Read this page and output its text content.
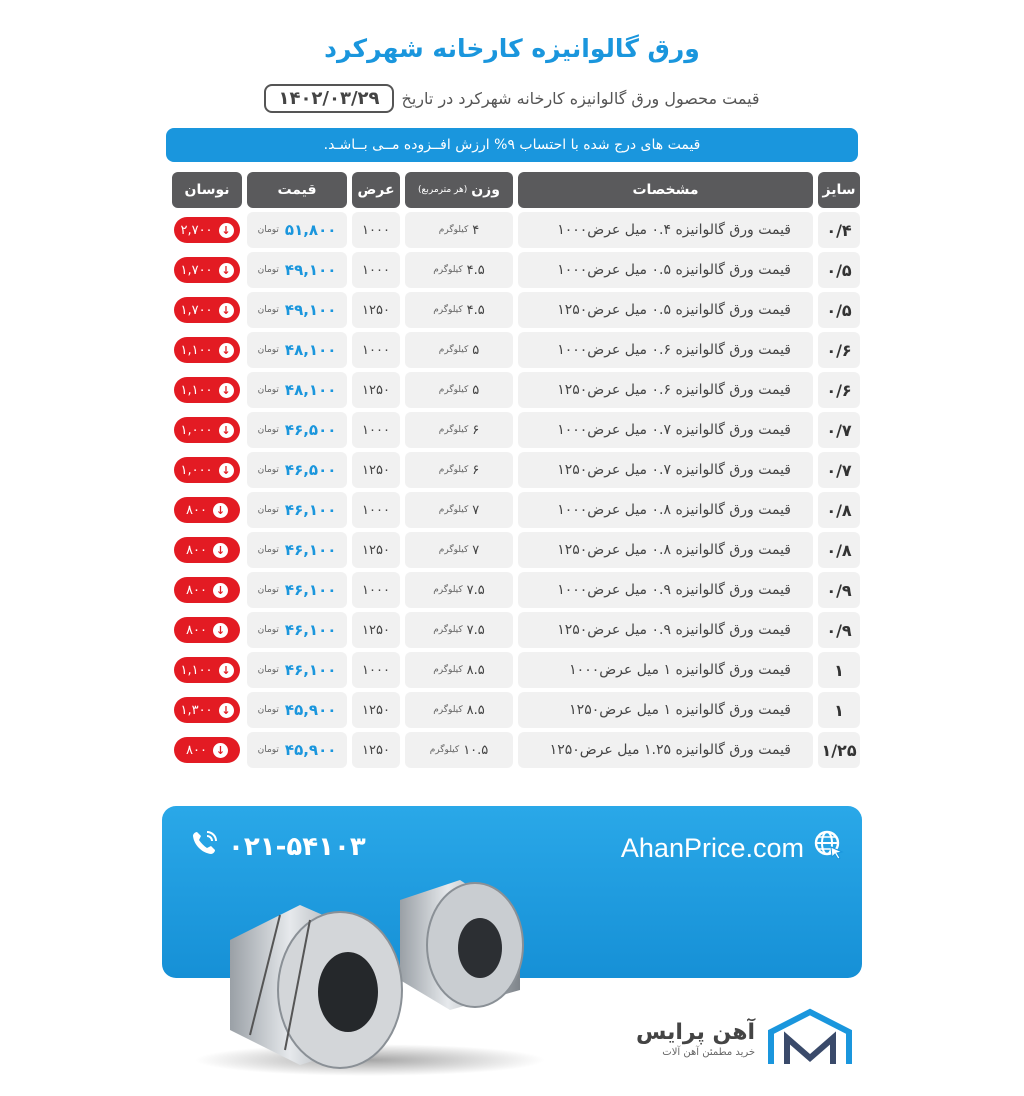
ورق گالوانیزه کارخانه شهرکرد
قیمت محصول ورق گالوانیزه کارخانه شهرکرد در تاریخ
۱۴۰۲/۰۳/۲۹
قیمت های درج شده با احتساب ۹% ارزش افــزوده مــی بــاشـد.
سایز
مشخصات
وزن
(هر مترمربع)
عرض
قیمت
نوسان
۰/۴
قیمت ورق گالوانیزه ۰.۴ میل عرض۱۰۰۰
۴
کیلوگرم
۱۰۰۰
۵۱,۸۰۰
تومان
۲,۷۰۰ ↓
۰/۵
قیمت ورق گالوانیزه ۰.۵ میل عرض۱۰۰۰
۴.۵
کیلوگرم
۱۰۰۰
۴۹,۱۰۰
تومان
۱,۷۰۰ ↓
۰/۵
قیمت ورق گالوانیزه ۰.۵ میل عرض۱۲۵۰
۴.۵
کیلوگرم
۱۲۵۰
۴۹,۱۰۰
تومان
۱,۷۰۰ ↓
۰/۶
قیمت ورق گالوانیزه ۰.۶ میل عرض۱۰۰۰
۵
کیلوگرم
۱۰۰۰
۴۸,۱۰۰
تومان
۱,۱۰۰ ↓
۰/۶
قیمت ورق گالوانیزه ۰.۶ میل عرض۱۲۵۰
۵
کیلوگرم
۱۲۵۰
۴۸,۱۰۰
تومان
۱,۱۰۰ ↓
۰/۷
قیمت ورق گالوانیزه ۰.۷ میل عرض۱۰۰۰
۶
کیلوگرم
۱۰۰۰
۴۶,۵۰۰
تومان
۱,۰۰۰ ↓
۰/۷
قیمت ورق گالوانیزه ۰.۷ میل عرض۱۲۵۰
۶
کیلوگرم
۱۲۵۰
۴۶,۵۰۰
تومان
۱,۰۰۰ ↓
۰/۸
قیمت ورق گالوانیزه ۰.۸ میل عرض۱۰۰۰
۷
کیلوگرم
۱۰۰۰
۴۶,۱۰۰
تومان
۸۰۰ ↓
۰/۸
قیمت ورق گالوانیزه ۰.۸ میل عرض۱۲۵۰
۷
کیلوگرم
۱۲۵۰
۴۶,۱۰۰
تومان
۸۰۰ ↓
۰/۹
قیمت ورق گالوانیزه ۰.۹ میل عرض۱۰۰۰
۷.۵
کیلوگرم
۱۰۰۰
۴۶,۱۰۰
تومان
۸۰۰ ↓
۰/۹
قیمت ورق گالوانیزه ۰.۹ میل عرض۱۲۵۰
۷.۵
کیلوگرم
۱۲۵۰
۴۶,۱۰۰
تومان
۸۰۰ ↓
۱
قیمت ورق گالوانیزه ۱ میل عرض۱۰۰۰
۸.۵
کیلوگرم
۱۰۰۰
۴۶,۱۰۰
تومان
۱,۱۰۰ ↓
۱
قیمت ورق گالوانیزه ۱ میل عرض۱۲۵۰
۸.۵
کیلوگرم
۱۲۵۰
۴۵,۹۰۰
تومان
۱,۳۰۰ ↓
۱/۲۵
قیمت ورق گالوانیزه ۱.۲۵ میل عرض۱۲۵۰
۱۰.۵
کیلوگرم
۱۲۵۰
۴۵,۹۰۰
تومان
۸۰۰ ↓
AhanPrice.com
۰۲۱-۵۴۱۰۳
آهن پرایس
خرید مطمئن آهن آلات
